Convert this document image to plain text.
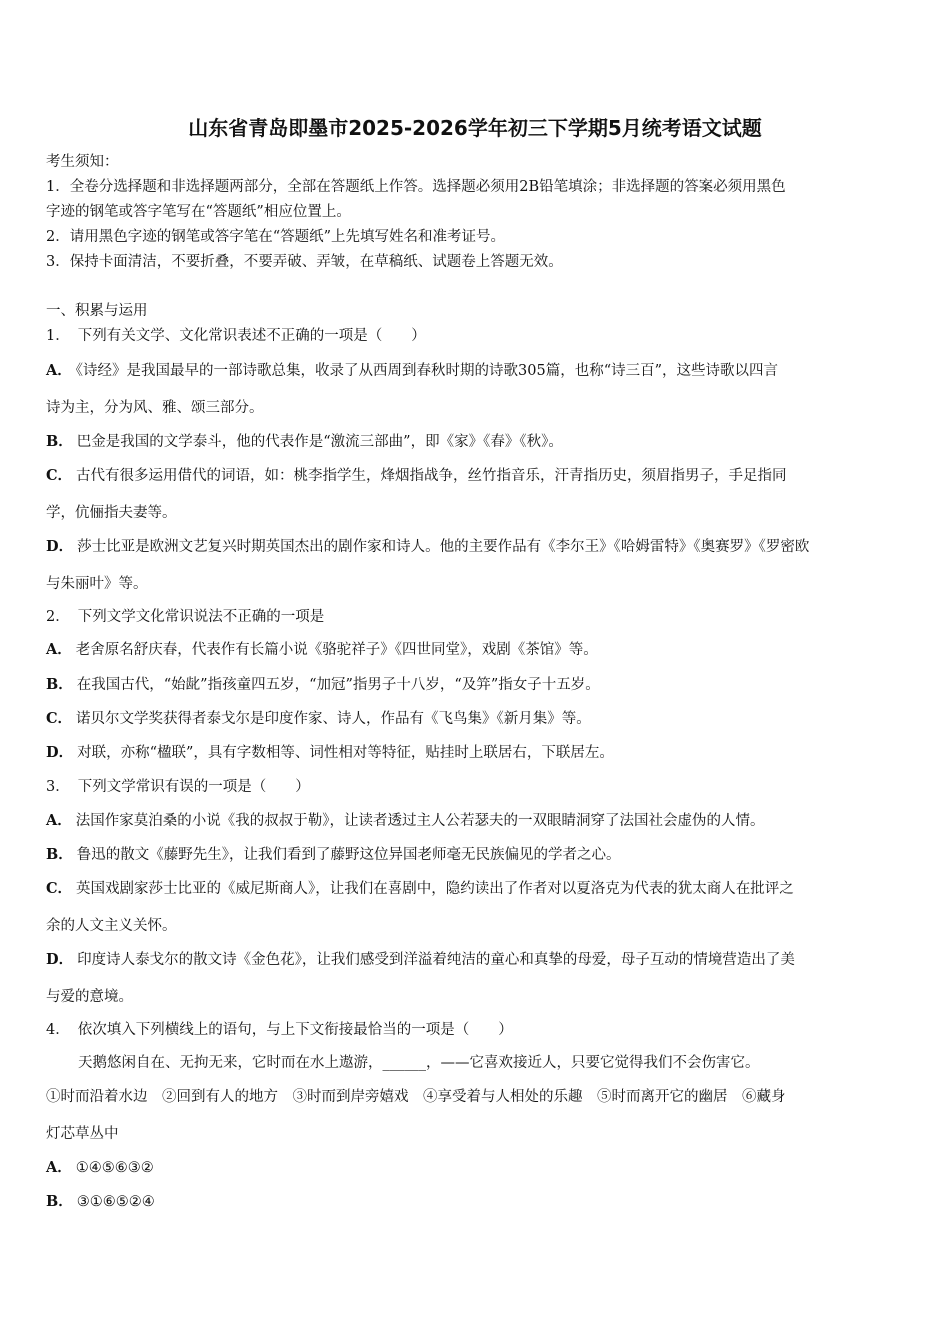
山东省青岛即墨市2025-2026学年初三下学期5月统考语文试题
考生须知：
1．全卷分选择题和非选择题两部分，全部在答题纸上作答。选择题必须用2B铅笔填涂；非选择题的答案必须用黑色
字迹的钢笔或答字笔写在“答题纸”相应位置上。
2．请用黑色字迹的钢笔或答字笔在“答题纸”上先填写姓名和准考证号。
3．保持卡面清洁，不要折叠，不要弄破、弄皱，在草稿纸、试题卷上答题无效。
一、积累与运用
1． 下列有关文学、文化常识表述不正确的一项是（　　）
A． 《诗经》是我国最早的一部诗歌总集，收录了从西周到春秋时期的诗歌305篇，也称“诗三百”，这些诗歌以四言
诗为主，分为风、雅、颂三部分。
B． 巴金是我国的文学泰斗，他的代表作是“激流三部曲”，即《家》《春》《秋》。
C． 古代有很多运用借代的词语，如：桃李指学生，烽烟指战争，丝竹指音乐，汗青指历史，须眉指男子，手足指同
学，伉俪指夫妻等。
D． 莎士比亚是欧洲文艺复兴时期英国杰出的剧作家和诗人。他的主要作品有《李尔王》《哈姆雷特》《奥赛罗》《罗密欧
与朱丽叶》等。
2． 下列文学文化常识说法不正确的一项是
A． 老舍原名舒庆春，代表作有长篇小说《骆驼祥子》《四世同堂》，戏剧《茶馆》等。
B． 在我国古代，“始龀”指孩童四五岁，“加冠”指男子十八岁，“及笄”指女子十五岁。
C． 诺贝尔文学奖获得者泰戈尔是印度作家、诗人，作品有《飞鸟集》《新月集》等。
D． 对联，亦称“楹联”，具有字数相等、词性相对等特征，贴挂时上联居右，下联居左。
3． 下列文学常识有误的一项是（　　）
A． 法国作家莫泊桑的小说《我的叔叔于勒》，让读者透过主人公若瑟夫的一双眼睛洞穿了法国社会虚伪的人情。
B． 鲁迅的散文《藤野先生》，让我们看到了藤野这位异国老师毫无民族偏见的学者之心。
C． 英国戏剧家莎士比亚的《威尼斯商人》，让我们在喜剧中，隐约读出了作者对以夏洛克为代表的犹太商人在批评之
余的人文主义关怀。
D． 印度诗人泰戈尔的散文诗《金色花》，让我们感受到洋溢着纯洁的童心和真挚的母爱，母子互动的情境营造出了美
与爱的意境。
4． 依次填入下列横线上的语句，与上下文衔接最恰当的一项是（　　）
天鹅悠闲自在、无拘无来，它时而在水上遨游，______，——它喜欢接近人，只要它觉得我们不会伤害它。
①时而沿着水边　②回到有人的地方　③时而到岸旁嬉戏　④享受着与人相处的乐趣　⑤时而离开它的幽居　⑥藏身
灯芯草丛中
A． ①④⑤⑥③②
B． ③①⑥⑤②④
